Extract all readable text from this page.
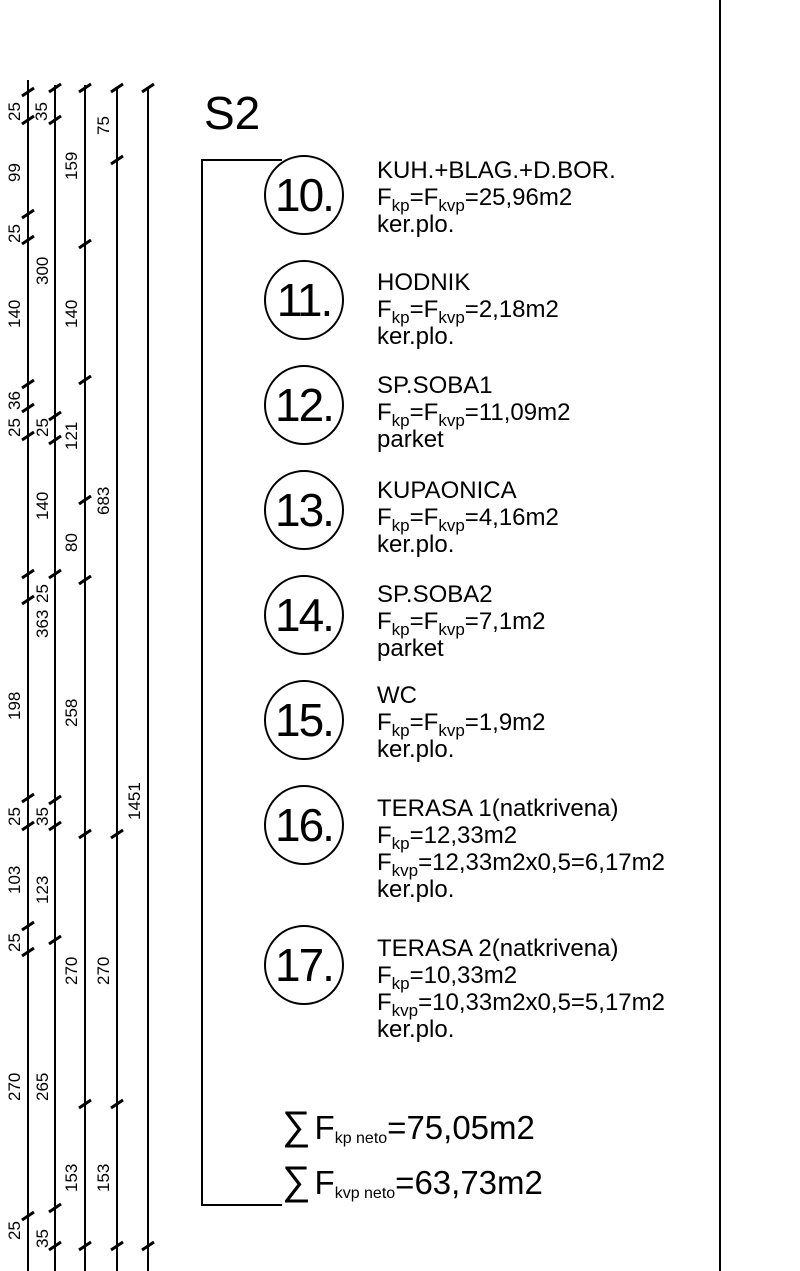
25 35
99
25
140
25
36
198
25
103
25
270
25
300
25
140
25
363
35
123
265
35
159
140
121
80
258
270
153
75
683
270
153
1451
S2
10. KUH.+BLAG.+D.BOR.
$F_{kp}=F_{kvp}=25,96m2$
ker.plo.
11. HODNIK
$F_{kp}=F_{kvp}=2,18m2$
ker.plo.
12. SP.SOBA1
$F_{kp}=F_{kvp}=11,09m2$
parket
13. KUPAONICA
$F_{kp}=F_{kvp}=4,16m2$
ker.plo.
14. SP.SOBA2
$F_{kp}=F_{kvp}=7,1m2$
parket
15. WC
$F_{kp}=F_{kvp}=1,9m2$
ker.plo.
16. TERASA 1(natkrivena)
$F_{kp}=12,33m2$
$F_{kvp}=12,33m2x0,5=6,17m2$
ker.plo.
17. TERASA 2(natkrivena)
$F_{kp}=10,33m2$
$F_{kvp}=10,33m2x0,5=5,17m2$
ker.plo.
∑ $F_{kp neto}=75,05m2$
∑ $F_{kvp neto}=63,73m2$
